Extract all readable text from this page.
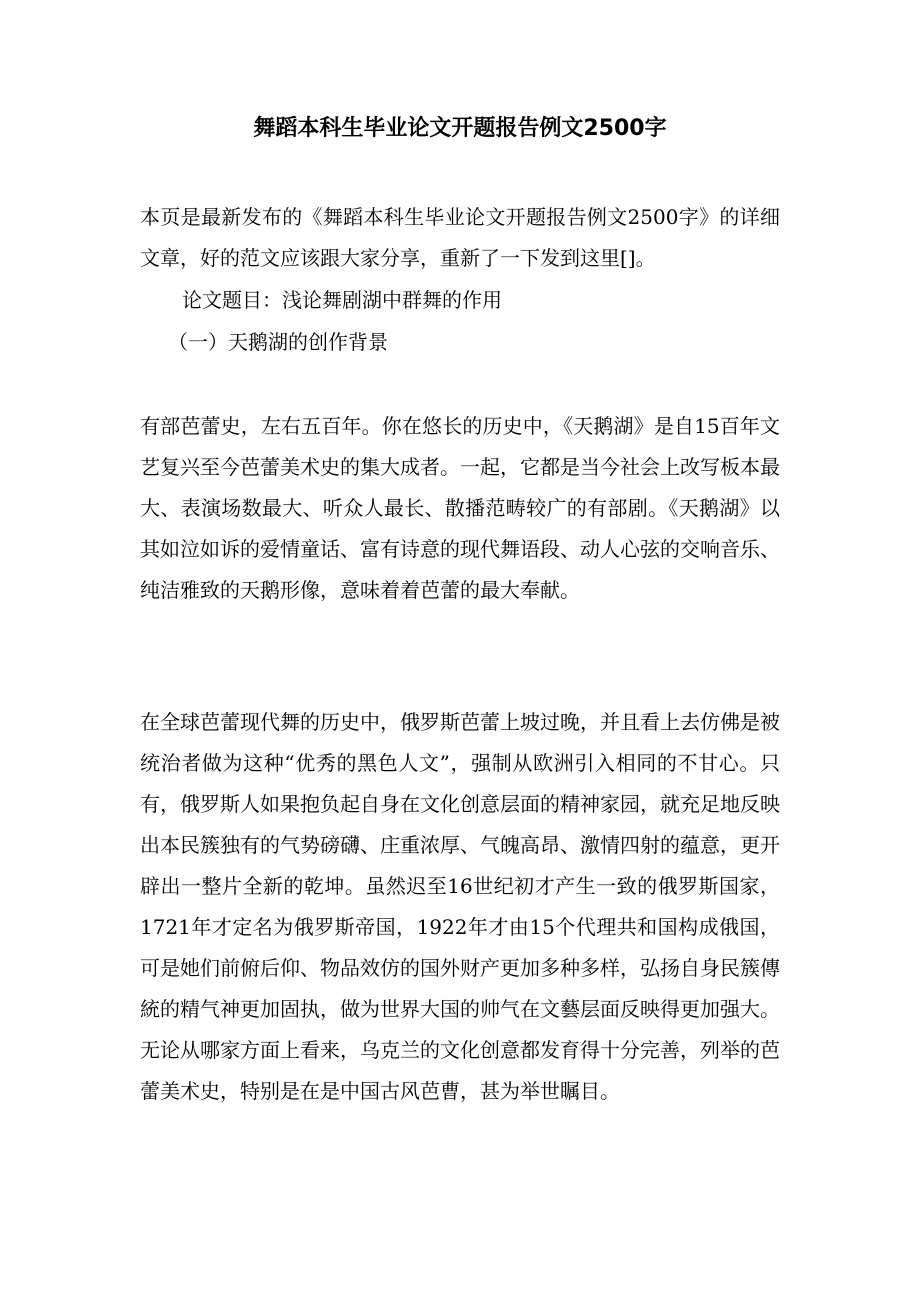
舞蹈本科生毕业论文开题报告例文2500字

本页是最新发布的《舞蹈本科生毕业论文开题报告例文2500字》的详细文章，好的范文应该跟大家分享，重新了一下发到这里[]。

论文题目：浅论舞剧湖中群舞的作用

（一）天鹅湖的创作背景

有部芭蕾史，左右五百年。你在悠长的历史中，《天鹅湖》是自15百年文艺复兴至今芭蕾美术史的集大成者。一起，它都是当今社会上改写板本最大、表演场数最大、听众人最长、散播范畴较广的有部剧。《天鹅湖》以其如泣如诉的爱情童话、富有诗意的现代舞语段、动人心弦的交响音乐、纯洁雅致的天鹅形像，意味着着芭蕾的最大奉献。

在全球芭蕾现代舞的历史中，俄罗斯芭蕾上坡过晚，并且看上去仿佛是被统治者做为这种“优秀的黑色人文”，强制从欧洲引入相同的不甘心。只有，俄罗斯人如果抱负起自身在文化创意层面的精神家园，就充足地反映出本民簇独有的气势磅礴、庄重浓厚、气魄高昂、激情四射的蕴意，更开辟出一整片全新的乾坤。虽然迟至16世纪初才产生一致的俄罗斯国家，1721年才定名为俄罗斯帝国，1922年才由15个代理共和国构成俄国，可是她们前俯后仰、物品效仿的国外财产更加多种多样，弘扬自身民簇傳統的精气神更加固执，做为世界大国的帅气在文藝层面反映得更加强大。无论从哪家方面上看来，乌克兰的文化创意都发育得十分完善，列举的芭蕾美术史，特别是在是中国古风芭曹，甚为举世瞩目。
